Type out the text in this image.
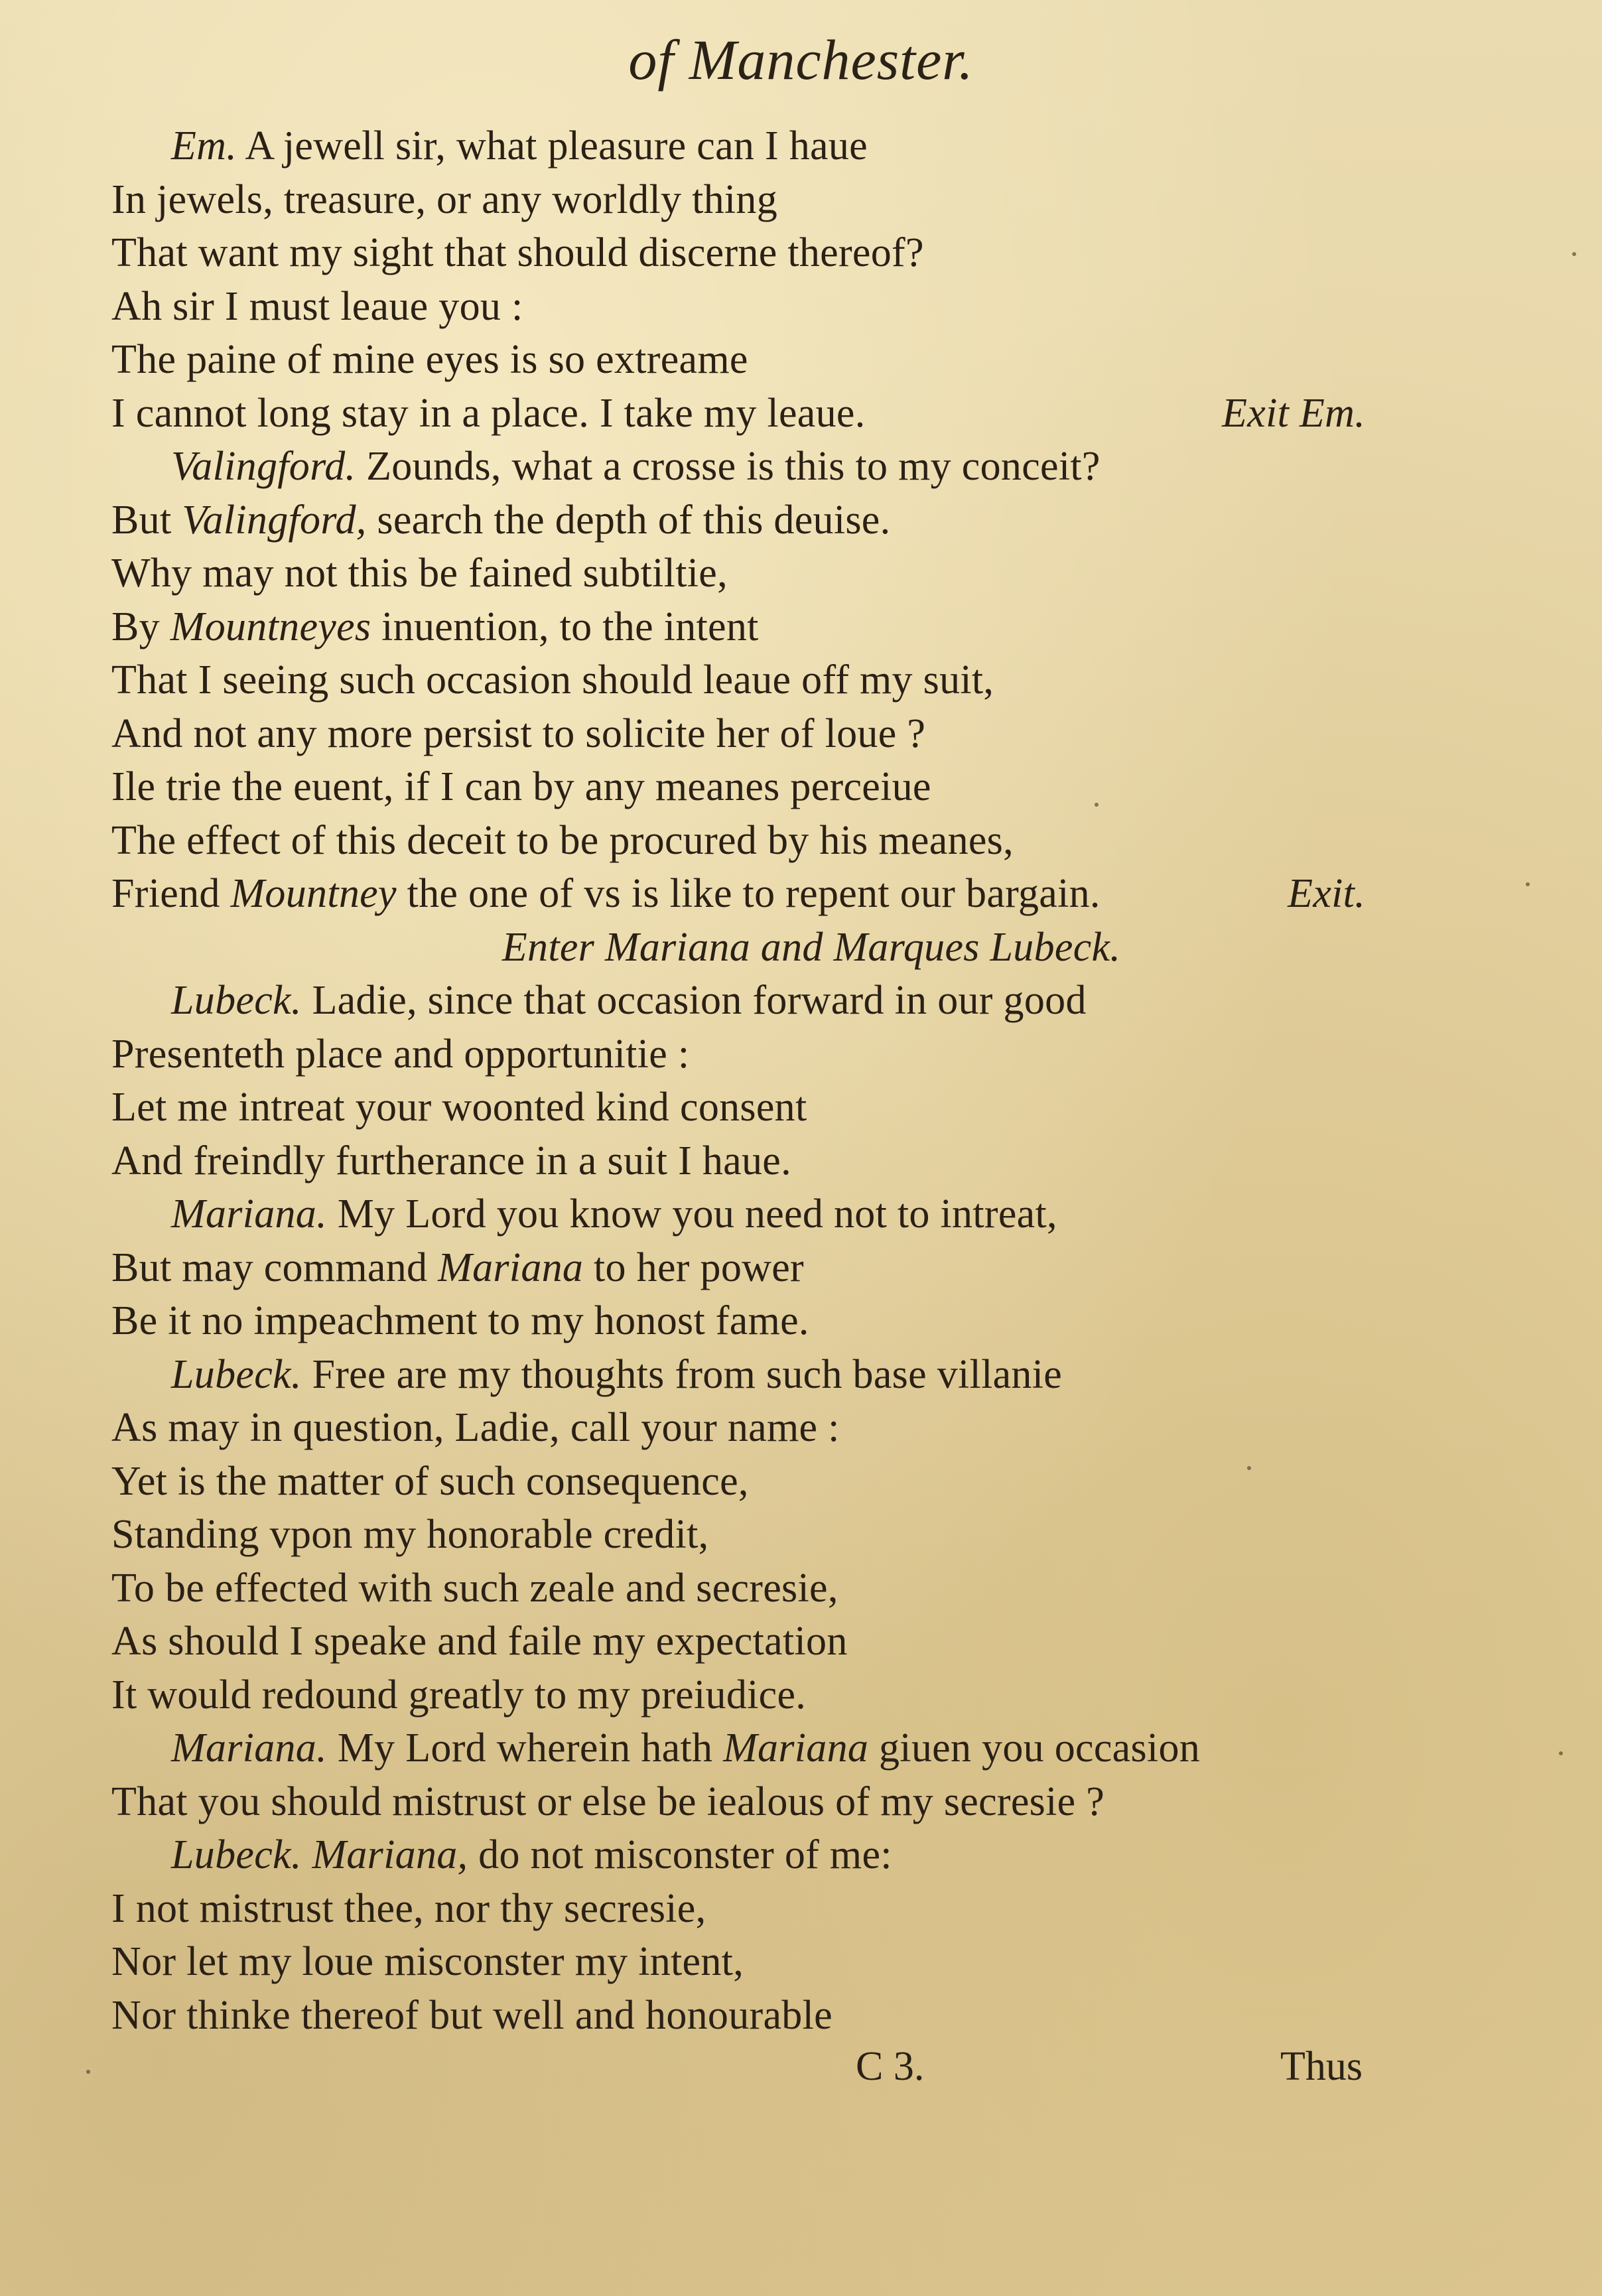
of Manchester.
Em. A jewell sir, what pleasure can I haue
In jewels, treasure, or any worldly thing
That want my sight that should discerne thereof?
Ah sir I must leaue you :
The paine of mine eyes is so extreame
I cannot long stay in a place. I take my leaue.	Exit Em.
Valingford. Zounds, what a crosse is this to my conceit?
But Valingford, search the depth of this deuise.
Why may not this be fained subtiltie,
By Mountneyes inuention, to the intent
That I seeing such occasion should leaue off my suit,
And not any more persist to solicite her of loue ?
Ile trie the euent, if I can by any meanes perceiue
The effect of this deceit to be procured by his meanes,
Friend Mountney the one of vs is like to repent our bargain.	Exit.
Enter Mariana and Marques Lubeck.
Lubeck. Ladie, since that occasion forward in our good
Presenteth place and opportunitie :
Let me intreat your woonted kind consent
And freindly furtherance in a suit I haue.
Mariana. My Lord you know you need not to intreat,
But may command Mariana to her power
Be it no impeachment to my honost fame.
Lubeck. Free are my thoughts from such base villanie
As may in question, Ladie, call your name :
Yet is the matter of such consequence,
Standing vpon my honorable credit,
To be effected with such zeale and secresie,
As should I speake and faile my expectation
It would redound greatly to my preiudice.
Mariana. My Lord wherein hath Mariana giuen you occasion
That you should mistrust or else be iealous of my secresie ?
Lubeck. Mariana, do not misconster of me:
I not mistrust thee, nor thy secresie,
Nor let my loue misconster my intent,
Nor thinke thereof but well and honourable
C 3.	Thus
